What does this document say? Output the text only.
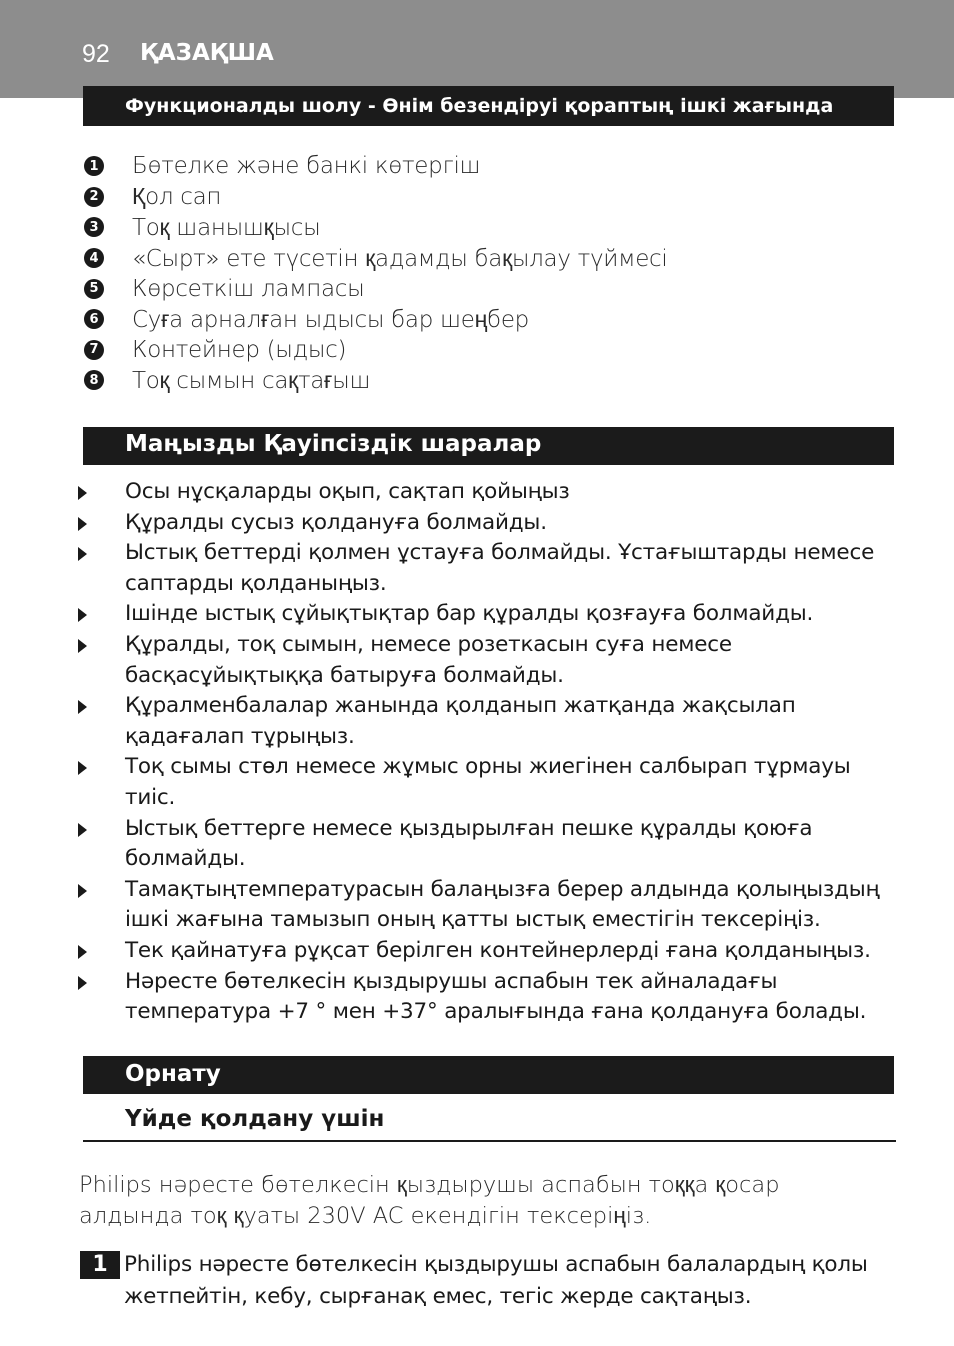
92 ҚАЗАҚША
Функционалды шолу - Өнім безендіруі қораптың ішкі жағында
1 Бөтелке және банкі көтергіш
2 Қол сап
3 Тоқ шанышқысы
4 «Сырт» ете түсетін қадамды бақылау түймесі
5 Көрсеткіш лампасы
6 Суға арналған ыдысы бар шеңбер
7 Контейнер (ыдыс)
8 Тоқ сымын сақтағыш
Маңызды Қауіпсіздік шаралар
Осы нұсқаларды оқып, сақтап қойыңыз
Құралды сусыз қолдануға болмайды.
Ыстық беттерді қолмен ұстауға болмайды. Ұстағыштарды немесе саптарды қолданыңыз.
Ішінде ыстық сұйықтықтар бар құралды қозғауға болмайды.
Құралды, тоқ сымын, немесе розеткасын суға немесе басқасұйықтыққа батыруға болмайды.
Құралменбалалар жанында қолданып жатқанда жақсылап қадағалап тұрыңыз.
Тоқ сымы стөл немесе жұмыс орны жиегінен салбырап тұрмауы тиіс.
Ыстық беттерге немесе қыздырылған пешке құралды қоюға болмайды.
Тамақтыңтемпературасын балаңызға берер алдында қолыңыздың ішкі жағына тамызып оның қатты ыстық еместігін тексеріңіз.
Тек қайнатуға рұқсат берілген контейнерлерді ғана қолданыңыз.
Нәресте бөтелкесін қыздырушы аспабын тек айналадағы температура +7 ° мен +37° аралығында ғана қолдануға болады.
Орнату
Үйде қолдану үшін
Philips нәресте бөтелкесін қыздырушы аспабын тоққа қосар алдында тоқ қуаты 230V AC екендігін тексеріңіз.
1 Philips нәресте бөтелкесін қыздырушы аспабын балалардың қолы жетпейтін, кебу, сырғанақ емес, тегіс жерде сақтаңыз.
